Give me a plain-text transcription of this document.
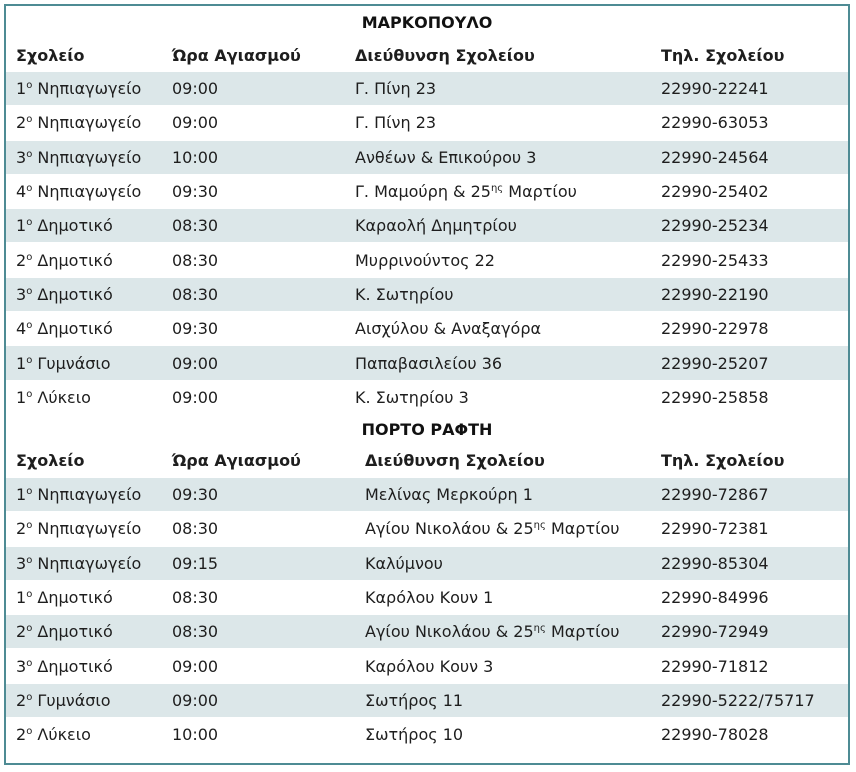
ΜΑΡΚΟΠΟΥΛΟ
Σχολείο	Ώρα Αγιασμού	Διεύθυνση Σχολείου	Τηλ. Σχολείου
$1^o$ Νηπιαγωγείο	09:00	Γ. Πίνη 23	22990-22241
$2^o$ Νηπιαγωγείο	09:00	Γ. Πίνη 23	22990-63053
$3^o$ Νηπιαγωγείο	10:00	Ανθέων & Επικούρου 3	22990-24564
$4^o$ Νηπιαγωγείο	09:30	Γ. Μαμούρη & $25^{\eta\varsigma}$ Μαρτίου	22990-25402
$1^o$ Δημοτικό	08:30	Καραολή Δημητρίου	22990-25234
$2^o$ Δημοτικό	08:30	Μυρρινούντος 22	22990-25433
$3^o$ Δημοτικό	08:30	Κ. Σωτηρίου	22990-22190
$4^o$ Δημοτικό	09:30	Αισχύλου & Αναξαγόρα	22990-22978
$1^o$ Γυμνάσιο	09:00	Παπαβασιλείου 36	22990-25207
$1^o$ Λύκειο	09:00	Κ. Σωτηρίου 3	22990-25858
ΠΟΡΤΟ ΡΑΦΤΗ
Σχολείο	Ώρα Αγιασμού	Διεύθυνση Σχολείου	Τηλ. Σχολείου
$1^o$ Νηπιαγωγείο	09:30	Μελίνας Μερκούρη 1	22990-72867
$2^o$ Νηπιαγωγείο	08:30	Αγίου Νικολάου & $25^{\eta\varsigma}$ Μαρτίου	22990-72381
$3^o$ Νηπιαγωγείο	09:15	Καλύμνου	22990-85304
$1^o$ Δημοτικό	08:30	Καρόλου Κουν 1	22990-84996
$2^o$ Δημοτικό	08:30	Αγίου Νικολάου & $25^{\eta\varsigma}$ Μαρτίου	22990-72949
$3^o$ Δημοτικό	09:00	Καρόλου Κουν 3	22990-71812
$2^o$ Γυμνάσιο	09:00	Σωτήρος 11	22990-5222/75717
$2^o$ Λύκειο	10:00	Σωτήρος 10	22990-78028
